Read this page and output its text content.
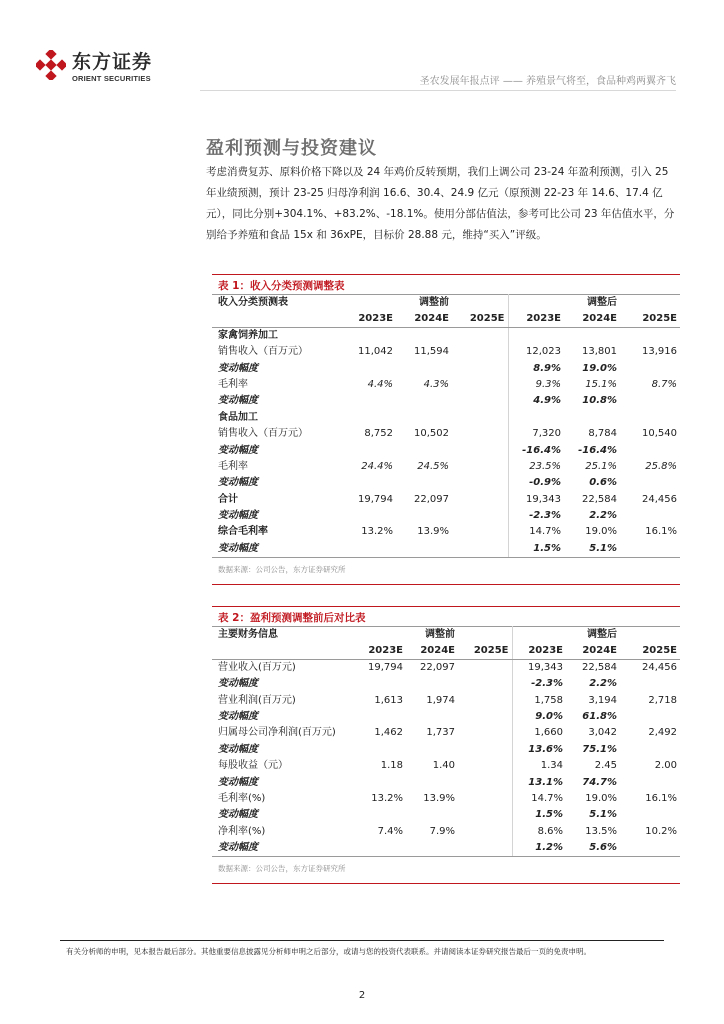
东方证券
ORIENT SECURITIES	圣农发展年报点评 —— 养殖景气将至，食品种鸡两翼齐飞
盈利预测与投资建议
考虑消费复苏、原料价格下降以及 24 年鸡价反转预期，我们上调公司 23-24 年盈利预测，引入 25 年业绩预测，预计 23-25 归母净利润 16.6、30.4、24.9 亿元（原预测 22-23 年 14.6、17.4 亿元），同比分别+304.1%、+83.2%、-18.1%。使用分部估值法，参考可比公司 23 年估值水平，分别给予养殖和食品 15x 和 36xPE，目标价 28.88 元，维持“买入”评级。
表 1：收入分类预测调整表
收入分类预测表		调整前			调整后	
	2023E	2024E	2025E	2023E	2024E	2025E
家禽饲养加工						
销售收入（百万元）	11,042	11,594		12,023	13,801	13,916
变动幅度				8.9%	19.0%	
毛利率	4.4%	4.3%		9.3%	15.1%	8.7%
变动幅度				4.9%	10.8%	
食品加工						
销售收入（百万元）	8,752	10,502		7,320	8,784	10,540
变动幅度				-16.4%	-16.4%	
毛利率	24.4%	24.5%		23.5%	25.1%	25.8%
变动幅度				-0.9%	0.6%	
合计	19,794	22,097		19,343	22,584	24,456
变动幅度				-2.3%	2.2%	
综合毛利率	13.2%	13.9%		14.7%	19.0%	16.1%
变动幅度				1.5%	5.1%	
数据来源：公司公告，东方证券研究所
表 2：盈利预测调整前后对比表
主要财务信息		调整前			调整后	
	2023E	2024E	2025E	2023E	2024E	2025E
营业收入(百万元)	19,794	22,097		19,343	22,584	24,456
变动幅度				-2.3%	2.2%	
营业利润(百万元)	1,613	1,974		1,758	3,194	2,718
变动幅度				9.0%	61.8%	
归属母公司净利润(百万元)	1,462	1,737		1,660	3,042	2,492
变动幅度				13.6%	75.1%	
每股收益（元）	1.18	1.40		1.34	2.45	2.00
变动幅度				13.1%	74.7%	
毛利率(%)	13.2%	13.9%		14.7%	19.0%	16.1%
变动幅度				1.5%	5.1%	
净利率(%)	7.4%	7.9%		8.6%	13.5%	10.2%
变动幅度				1.2%	5.6%	
数据来源：公司公告，东方证券研究所
有关分析师的申明，见本报告最后部分。其他重要信息披露见分析师申明之后部分，或请与您的投资代表联系。并请阅读本证券研究报告最后一页的免责申明。
2
